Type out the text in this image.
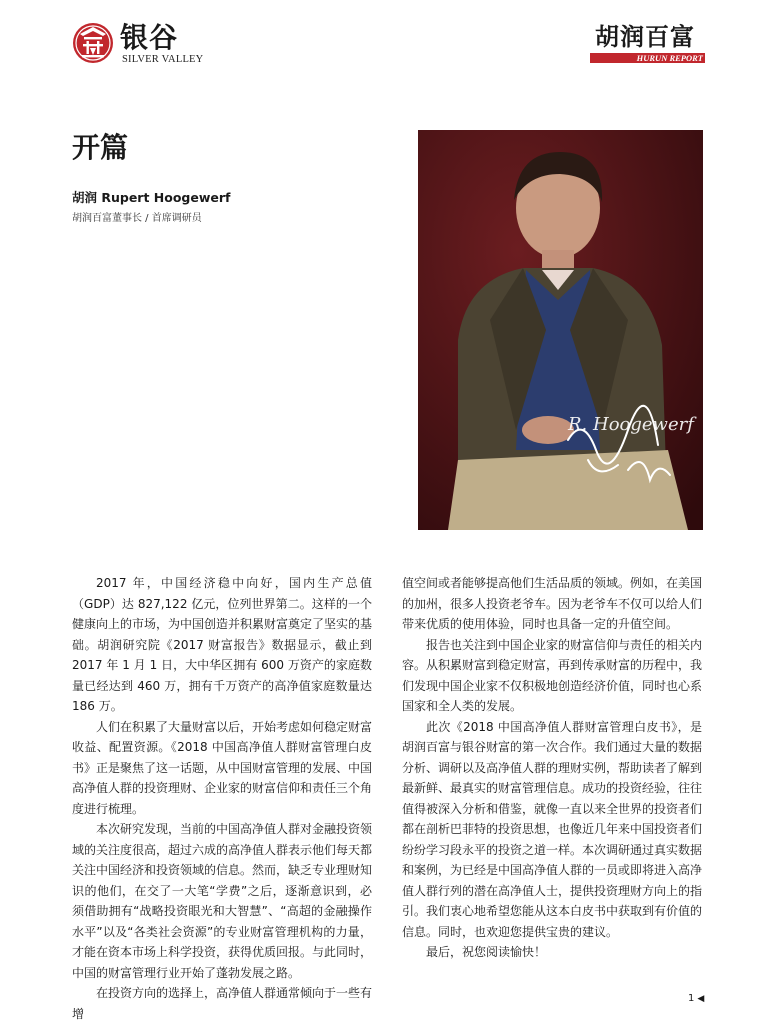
银谷
SILVER VALLEY
胡润百富
HURUN REPORT
开篇
胡润 Rupert Hoogewerf
胡润百富董事长 / 首席调研员
R. Hoogewerf

2017 年，中国经济稳中向好，国内生产总值（GDP）达 827,122 亿元，位列世界第二。这样的一个健康向上的市场，为中国创造并积累财富奠定了坚实的基础。胡润研究院《2017 财富报告》数据显示，截止到 2017 年 1 月 1 日，大中华区拥有 600 万资产的家庭数量已经达到 460 万，拥有千万资产的高净值家庭数量达 186 万。

人们在积累了大量财富以后，开始考虑如何稳定财富收益、配置资源。《2018 中国高净值人群财富管理白皮书》正是聚焦了这一话题，从中国财富管理的发展、中国高净值人群的投资理财、企业家的财富信仰和责任三个角度进行梳理。

本次研究发现，当前的中国高净值人群对金融投资领域的关注度很高，超过六成的高净值人群表示他们每天都关注中国经济和投资领域的信息。然而，缺乏专业理财知识的他们，在交了一大笔“学费”之后，逐渐意识到，必须借助拥有“战略投资眼光和大智慧”、“高超的金融操作水平”以及“各类社会资源”的专业财富管理机构的力量，才能在资本市场上科学投资，获得优质回报。与此同时，中国的财富管理行业开始了蓬勃发展之路。

在投资方向的选择上，高净值人群通常倾向于一些有增

值空间或者能够提高他们生活品质的领域。例如，在美国的加州，很多人投资老爷车。因为老爷车不仅可以给人们带来优质的使用体验，同时也具备一定的升值空间。

报告也关注到中国企业家的财富信仰与责任的相关内容。从积累财富到稳定财富，再到传承财富的历程中，我们发现中国企业家不仅积极地创造经济价值，同时也心系国家和全人类的发展。

此次《2018 中国高净值人群财富管理白皮书》，是胡润百富与银谷财富的第一次合作。我们通过大量的数据分析、调研以及高净值人群的理财实例，帮助读者了解到最新鲜、最真实的财富管理信息。成功的投资经验，往往值得被深入分析和借鉴，就像一直以来全世界的投资者们都在剖析巴菲特的投资思想，也像近几年来中国投资者们纷纷学习段永平的投资之道一样。本次调研通过真实数据和案例，为已经是中国高净值人群的一员或即将进入高净值人群行列的潜在高净值人士，提供投资理财方向上的指引。我们衷心地希望您能从这本白皮书中获取到有价值的信息。同时，也欢迎您提供宝贵的建议。

最后，祝您阅读愉快！

1 ◀
